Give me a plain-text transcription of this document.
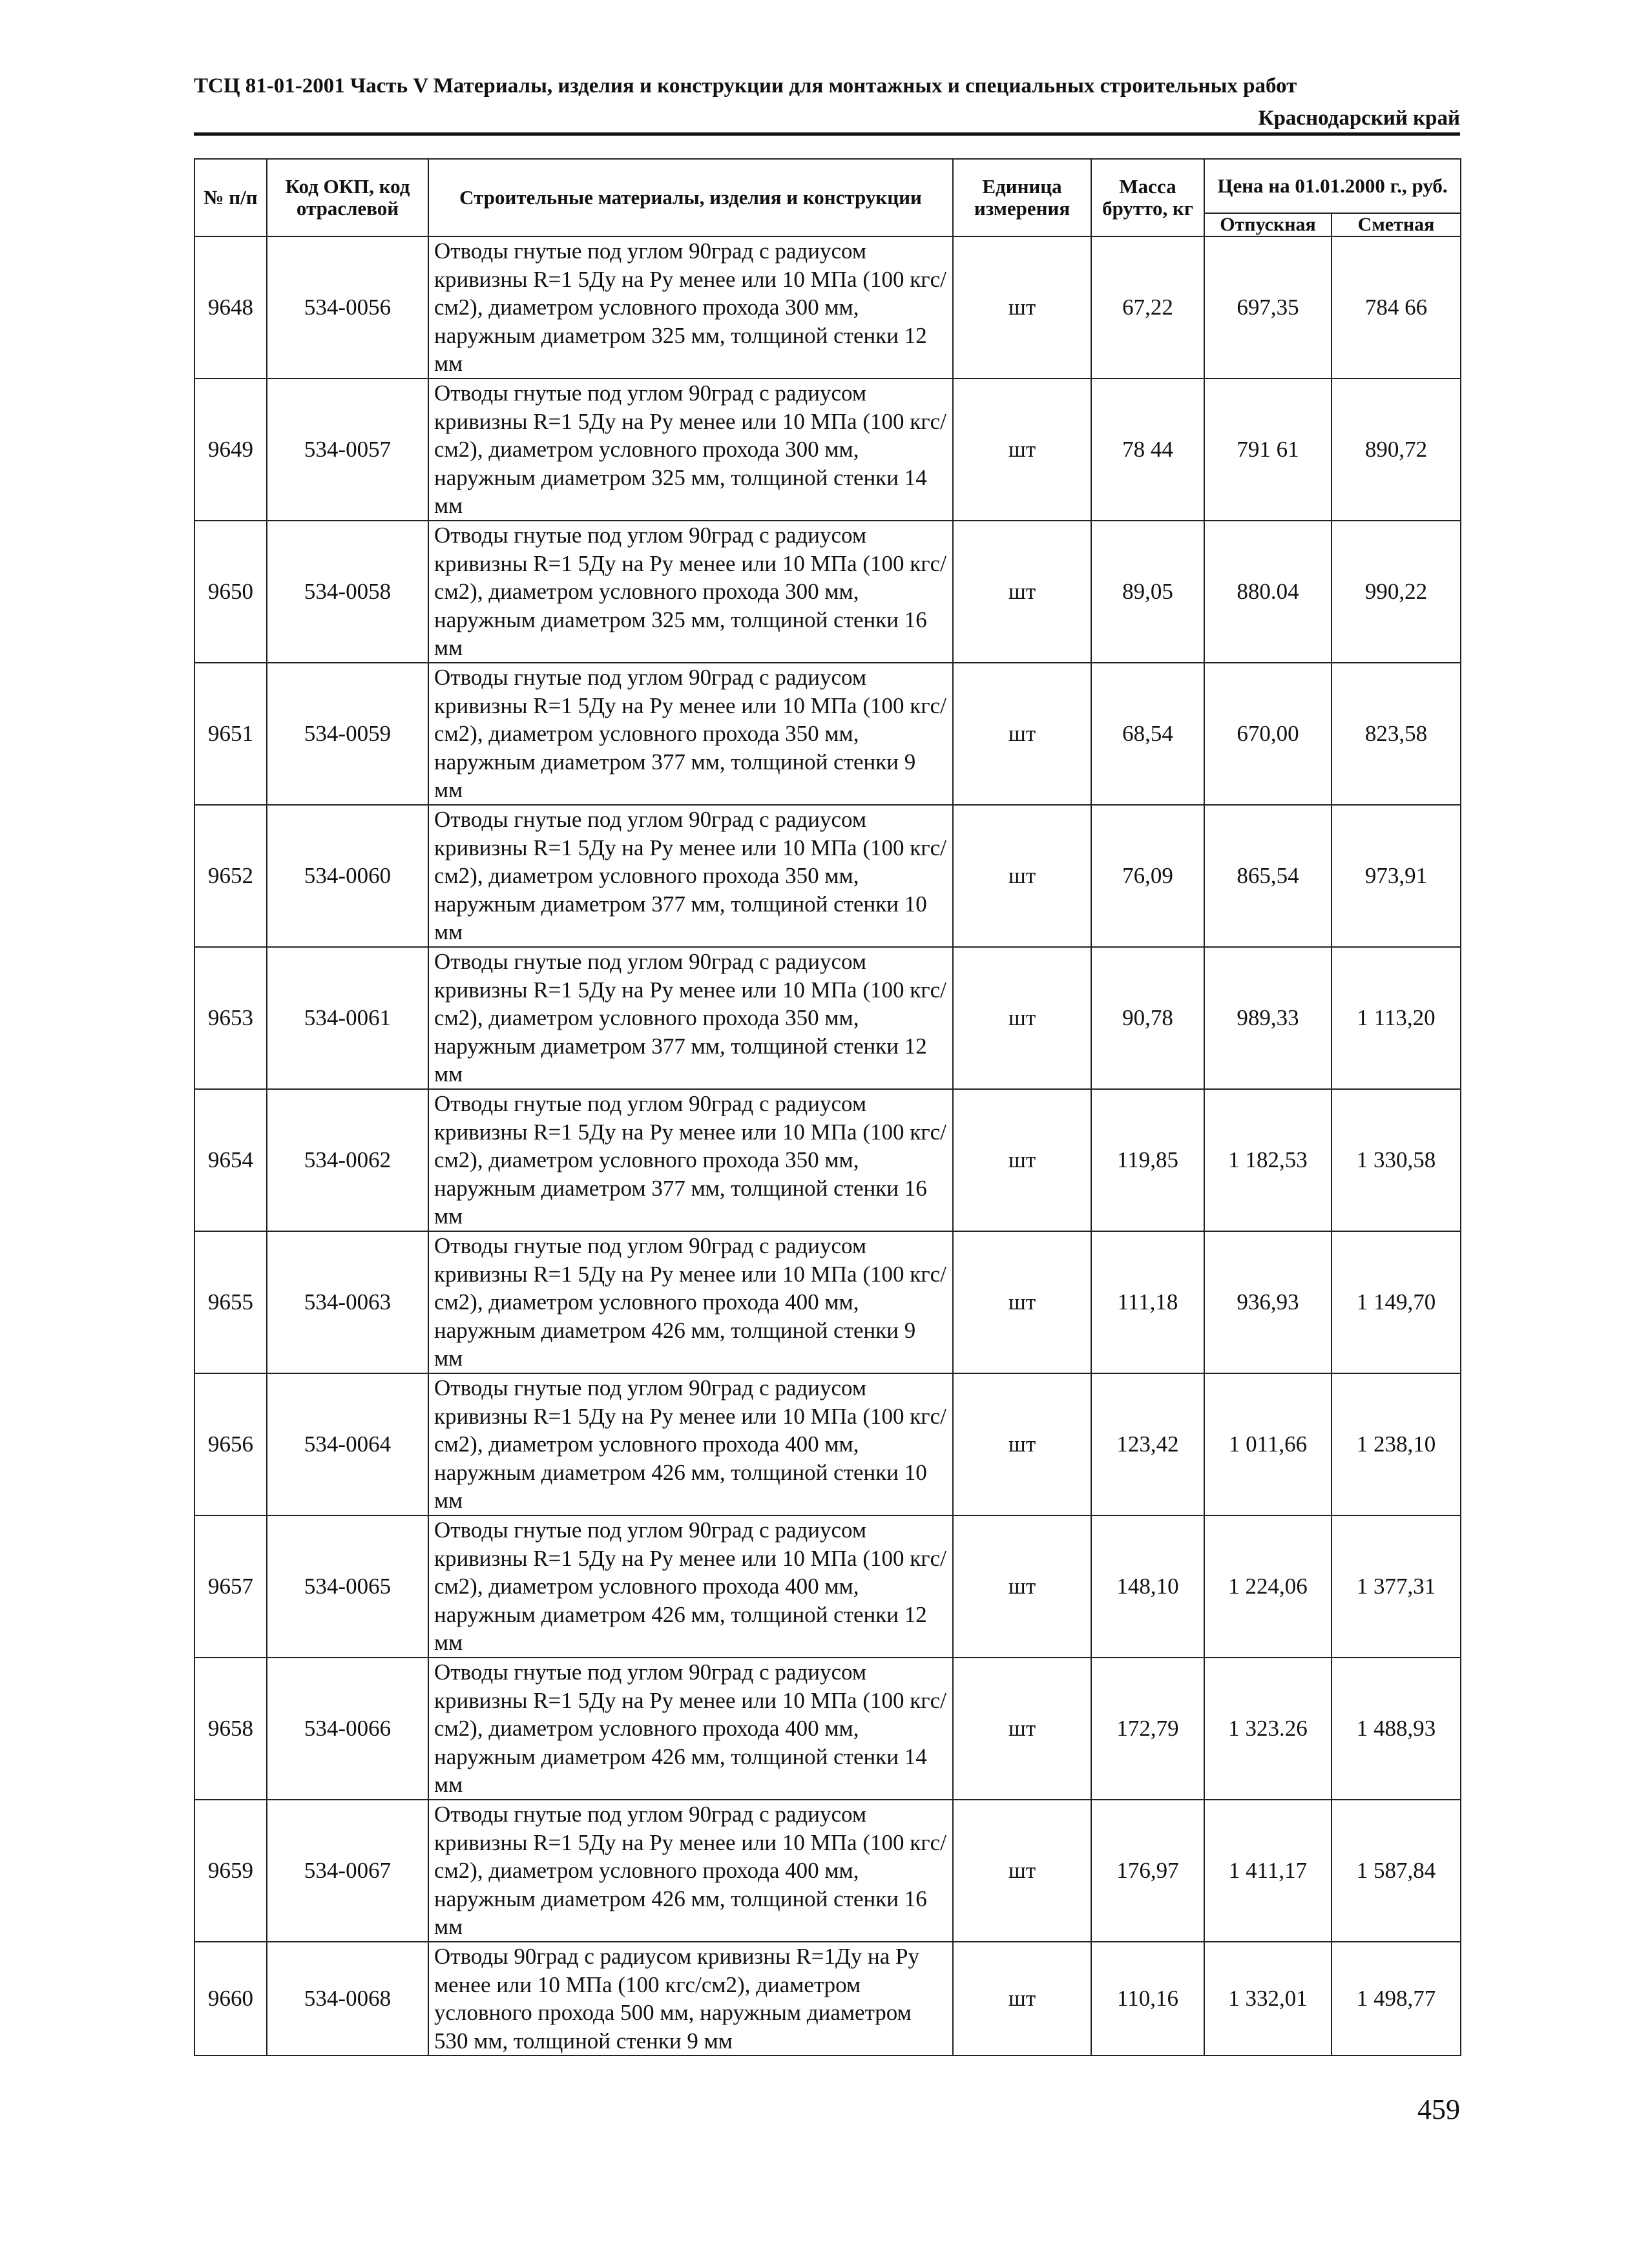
ТСЦ 81-01-2001 Часть V Материалы, изделия и конструкции для монтажных и специальных строительных работ
Краснодарский край
№ п/п	Код ОКП, код отраслевой	Строительные материалы, изделия и конструкции	Единица измерения	Масса брутто, кг	Цена на 01.01.2000 г., руб.	
					Отпускная	Сметная
9648	534-0056	Отводы гнутые под углом 90град с радиусом кривизны R=1 5Ду на Ру менее или 10 МПа (100 кгс/см2), диаметром условного прохода 300 мм, наружным диаметром 325 мм, толщиной стенки 12 мм	шт	67,22	697,35	784 66
9649	534-0057	Отводы гнутые под углом 90град с радиусом кривизны R=1 5Ду на Ру менее или 10 МПа (100 кгс/см2), диаметром условного прохода 300 мм, наружным диаметром 325 мм, толщиной стенки 14 мм	шт	78 44	791 61	890,72
9650	534-0058	Отводы гнутые под углом 90град с радиусом кривизны R=1 5Ду на Ру менее или 10 МПа (100 кгс/см2), диаметром условного прохода 300 мм, наружным диаметром 325 мм, толщиной стенки 16 мм	шт	89,05	880.04	990,22
9651	534-0059	Отводы гнутые под углом 90град с радиусом кривизны R=1 5Ду на Ру менее или 10 МПа (100 кгс/см2), диаметром условного прохода 350 мм, наружным диаметром 377 мм, толщиной стенки 9 мм	шт	68,54	670,00	823,58
9652	534-0060	Отводы гнутые под углом 90град с радиусом кривизны R=1 5Ду на Ру менее или 10 МПа (100 кгс/см2), диаметром условного прохода 350 мм, наружным диаметром 377 мм, толщиной стенки 10 мм	шт	76,09	865,54	973,91
9653	534-0061	Отводы гнутые под углом 90град с радиусом кривизны R=1 5Ду на Ру менее или 10 МПа (100 кгс/см2), диаметром условного прохода 350 мм, наружным диаметром 377 мм, толщиной стенки 12 мм	шт	90,78	989,33	1 113,20
9654	534-0062	Отводы гнутые под углом 90град с радиусом кривизны R=1 5Ду на Ру менее или 10 МПа (100 кгс/см2), диаметром условного прохода 350 мм, наружным диаметром 377 мм, толщиной стенки 16 мм	шт	119,85	1 182,53	1 330,58
9655	534-0063	Отводы гнутые под углом 90град с радиусом кривизны R=1 5Ду на Ру менее или 10 МПа (100 кгс/см2), диаметром условного прохода 400 мм, наружным диаметром 426 мм, толщиной стенки 9 мм	шт	111,18	936,93	1 149,70
9656	534-0064	Отводы гнутые под углом 90град с радиусом кривизны R=1 5Ду на Ру менее или 10 МПа (100 кгс/см2), диаметром условного прохода 400 мм, наружным диаметром 426 мм, толщиной стенки 10 мм	шт	123,42	1 011,66	1 238,10
9657	534-0065	Отводы гнутые под углом 90град с радиусом кривизны R=1 5Ду на Ру менее или 10 МПа (100 кгс/см2), диаметром условного прохода 400 мм, наружным диаметром 426 мм, толщиной стенки 12 мм	шт	148,10	1 224,06	1 377,31
9658	534-0066	Отводы гнутые под углом 90град с радиусом кривизны R=1 5Ду на Ру менее или 10 МПа (100 кгс/см2), диаметром условного прохода 400 мм, наружным диаметром 426 мм, толщиной стенки 14 мм	шт	172,79	1 323.26	1 488,93
9659	534-0067	Отводы гнутые под углом 90град с радиусом кривизны R=1 5Ду на Ру менее или 10 МПа (100 кгс/см2), диаметром условного прохода 400 мм, наружным диаметром 426 мм, толщиной стенки 16 мм	шт	176,97	1 411,17	1 587,84
9660	534-0068	Отводы 90град с радиусом кривизны R=1Ду на Ру менее или 10 МПа (100 кгс/см2), диаметром условного прохода 500 мм, наружным диаметром 530 мм, толщиной стенки 9 мм	шт	110,16	1 332,01	1 498,77
459
